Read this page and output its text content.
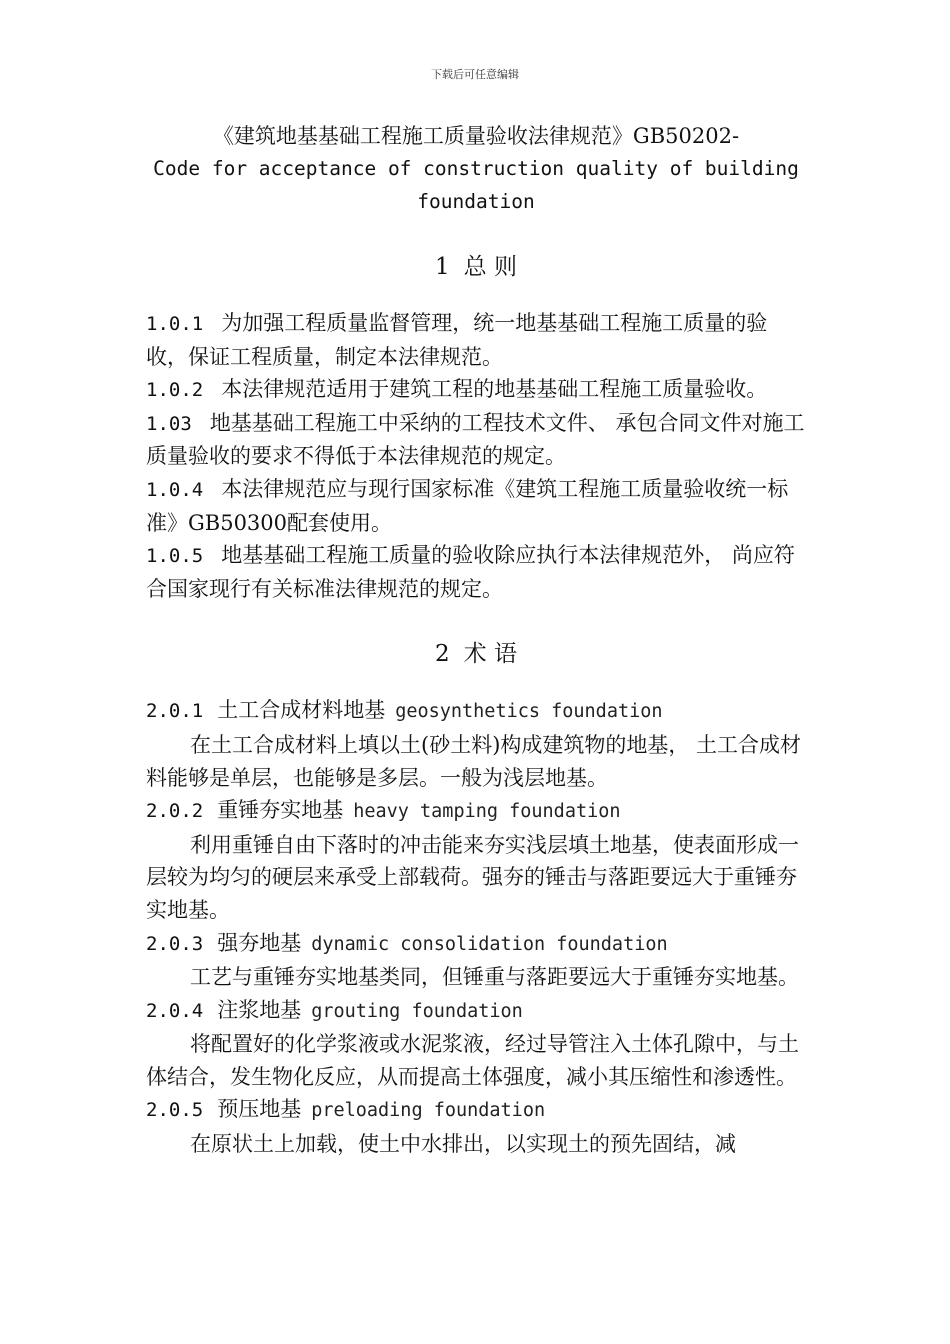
下载后可任意编辑
《建筑地基基础工程施工质量验收法律规范》GB50202-
Code for acceptance of construction quality of building foundation
1 总 则

1.0.1 为加强工程质量监督管理，统一地基基础工程施工质量的验收，保证工程质量，制定本法律规范。

1.0.2 本法律规范适用于建筑工程的地基基础工程施工质量验收。

1.03 地基基础工程施工中采纳的工程技术文件、 承包合同文件对施工质量验收的要求不得低于本法律规范的规定。

1.0.4 本法律规范应与现行国家标准《建筑工程施工质量验收统一标准》GB50300配套使用。

1.0.5 地基基础工程施工质量的验收除应执行本法律规范外， 尚应符合国家现行有关标准法律规范的规定。

2 术 语

2.0.1 土工合成材料地基 geosynthetics foundation

在土工合成材料上填以土(砂土料)构成建筑物的地基， 土工合成材料能够是单层，也能够是多层。一般为浅层地基。

2.0.2 重锤夯实地基 heavy tamping foundation

利用重锤自由下落时的冲击能来夯实浅层填土地基，使表面形成一层较为均匀的硬层来承受上部载荷。强夯的锤击与落距要远大于重锤夯实地基。

2.0.3 强夯地基 dynamic consolidation foundation

工艺与重锤夯实地基类同，但锤重与落距要远大于重锤夯实地基。

2.0.4 注浆地基 grouting foundation

将配置好的化学浆液或水泥浆液，经过导管注入土体孔隙中，与土体结合，发生物化反应，从而提高土体强度，减小其压缩性和渗透性。

2.0.5 预压地基 preloading foundation

在原状土上加载，使土中水排出，以实现土的预先固结，减
